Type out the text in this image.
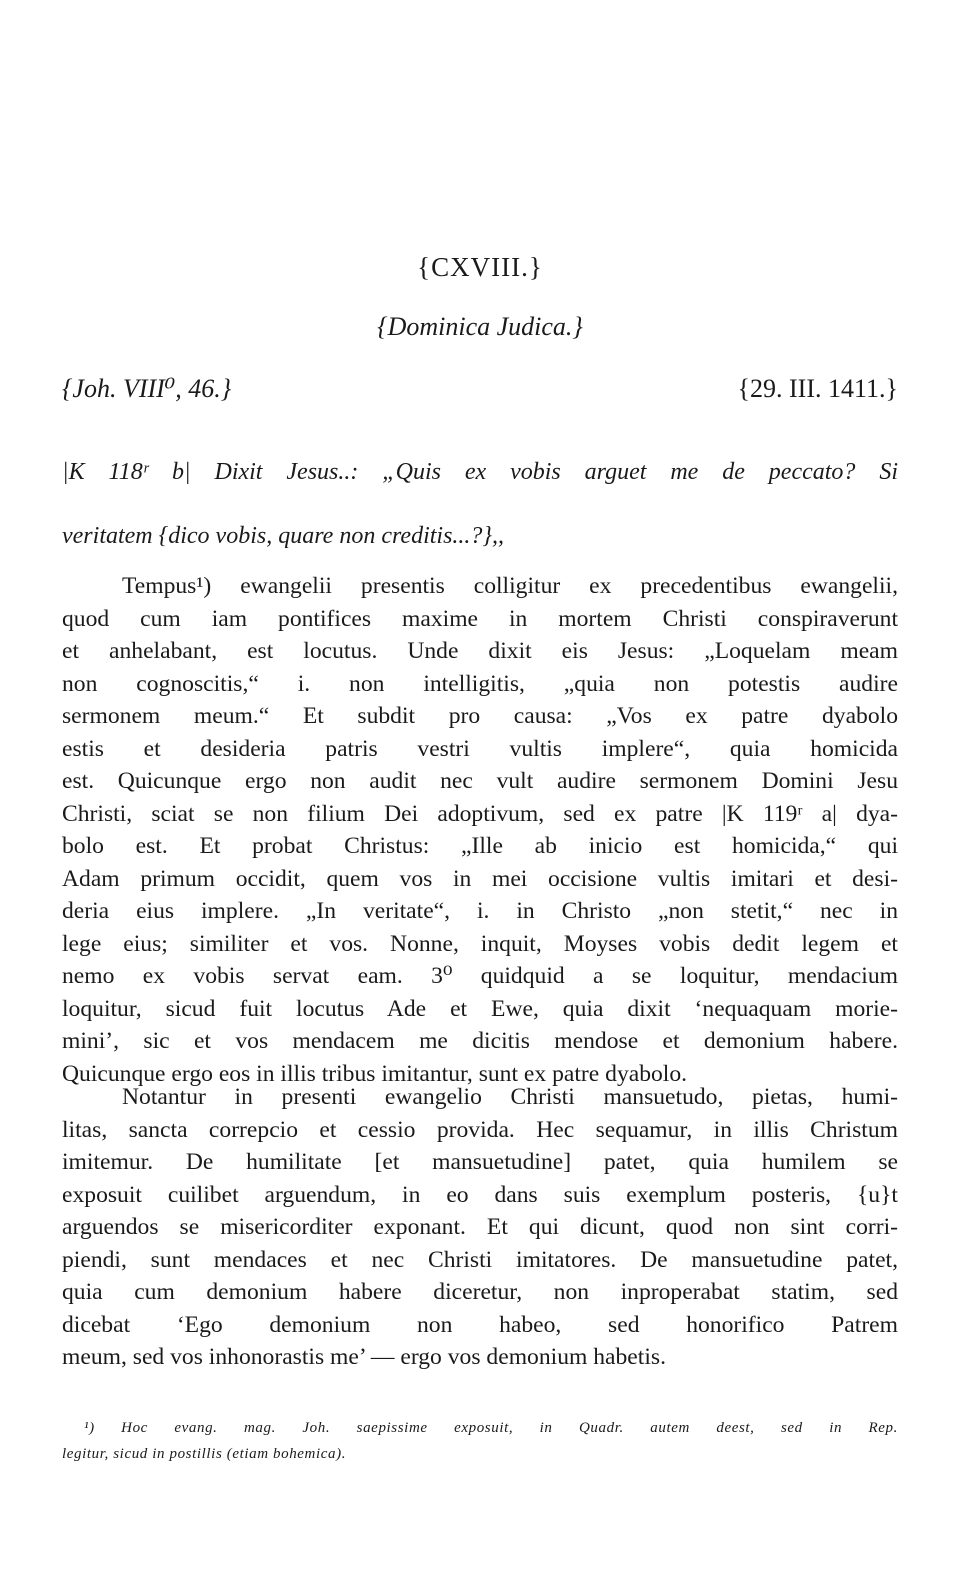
{CXVIII.}
{Dominica Judica.}
{Joh. VIII⁰, 46.}	{29. III. 1411.}
|K 118ʳ b| Dixit Jesus..: „Quis ex vobis arguet me de peccato? Si
veritatem {dico vobis, quare non creditis...?},,
Tempus¹) ewangelii presentis colligitur ex precedentibus ewangelii,
quod cum iam pontifices maxime in mortem Christi conspiraverunt
et anhelabant, est locutus. Unde dixit eis Jesus: „Loquelam meam
non cognoscitis,“ i. non intelligitis, „quia non potestis audire
sermonem meum.“ Et subdit pro causa: „Vos ex patre dyabolo
estis et desideria patris vestri vultis implere“, quia homicida
est. Quicunque ergo non audit nec vult audire sermonem Domini Jesu
Christi, sciat se non filium Dei adoptivum, sed ex patre |K 119ʳ a| dya-
bolo est. Et probat Christus: „Ille ab inicio est homicida,“ qui
Adam primum occidit, quem vos in mei occisione vultis imitari et desi-
deria eius implere. „In veritate“, i. in Christo „non stetit,“ nec in
lege eius; similiter et vos. Nonne, inquit, Moyses vobis dedit legem et
nemo ex vobis servat eam. 3⁰ quidquid a se loquitur, mendacium
loquitur, sicud fuit locutus Ade et Ewe, quia dixit ‘nequaquam morie-
mini’, sic et vos mendacem me dicitis mendose et demonium habere.
Quicunque ergo eos in illis tribus imitantur, sunt ex patre dyabolo.
Notantur in presenti ewangelio Christi mansuetudo, pietas, humi-
litas, sancta correpcio et cessio provida. Hec sequamur, in illis Christum
imitemur. De humilitate [et mansuetudine] patet, quia humilem se
exposuit cuilibet arguendum, in eo dans suis exemplum posteris, {u}t
arguendos se misericorditer exponant. Et qui dicunt, quod non sint corri-
piendi, sunt mendaces et nec Christi imitatores. De mansuetudine patet,
quia cum demonium habere diceretur, non inproperabat statim, sed
dicebat ‘Ego demonium non habeo, sed honorifico Patrem
meum, sed vos inhonorastis me’ — ergo vos demonium habetis.
¹) Hoc evang. mag. Joh. saepissime exposuit, in Quadr. autem deest, sed in Rep.
legitur, sicud in postillis (etiam bohemica).
